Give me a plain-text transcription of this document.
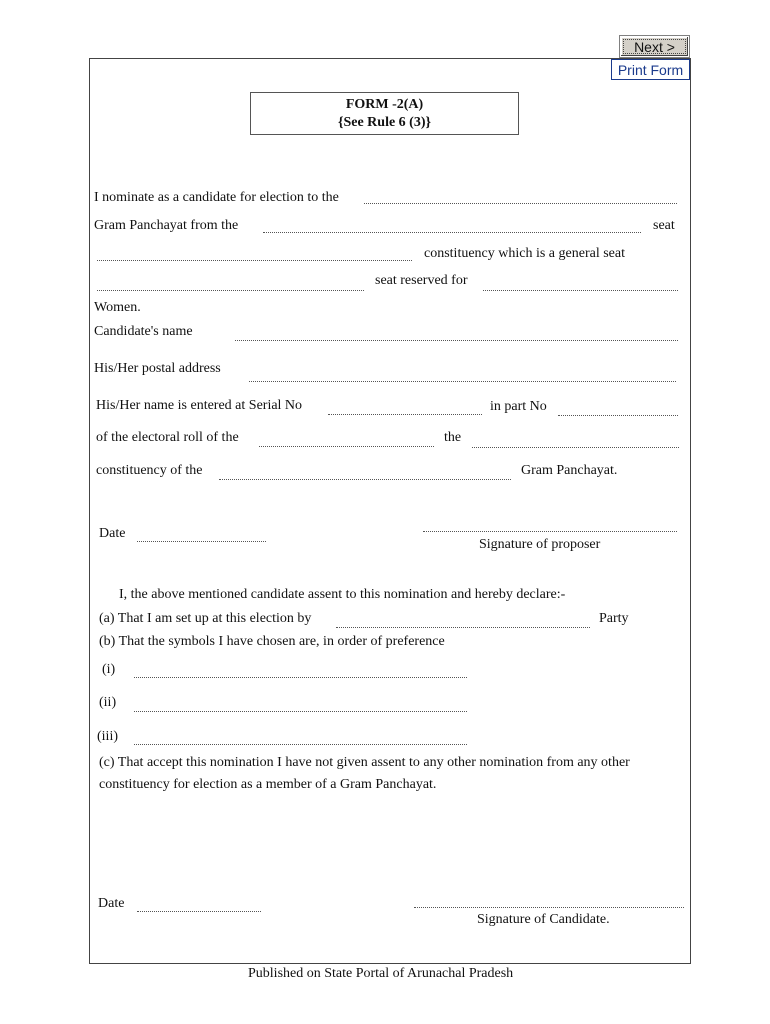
Next >
Print Form
FORM -2(A)
{See Rule 6 (3)}
I nominate as a candidate for election to the
Gram Panchayat from the	seat
constituency which is a general seat
seat reserved for
Women.
Candidate's name
His/Her postal address
His/Her name is entered at Serial No	in part No
of the electoral roll of the	the
constituency of the	Gram Panchayat.
Date
Signature of proposer
I, the above mentioned candidate assent to this nomination and hereby declare:-
(a) That I am set up at this election by	Party
(b) That the symbols I have chosen are, in order of preference
(i)
(ii)
(iii)
(c) That accept this nomination I have not given assent to any other nomination from any other
constituency for election as a member of a Gram Panchayat.
Date
Signature of Candidate.
Published on State Portal of Arunachal Pradesh
